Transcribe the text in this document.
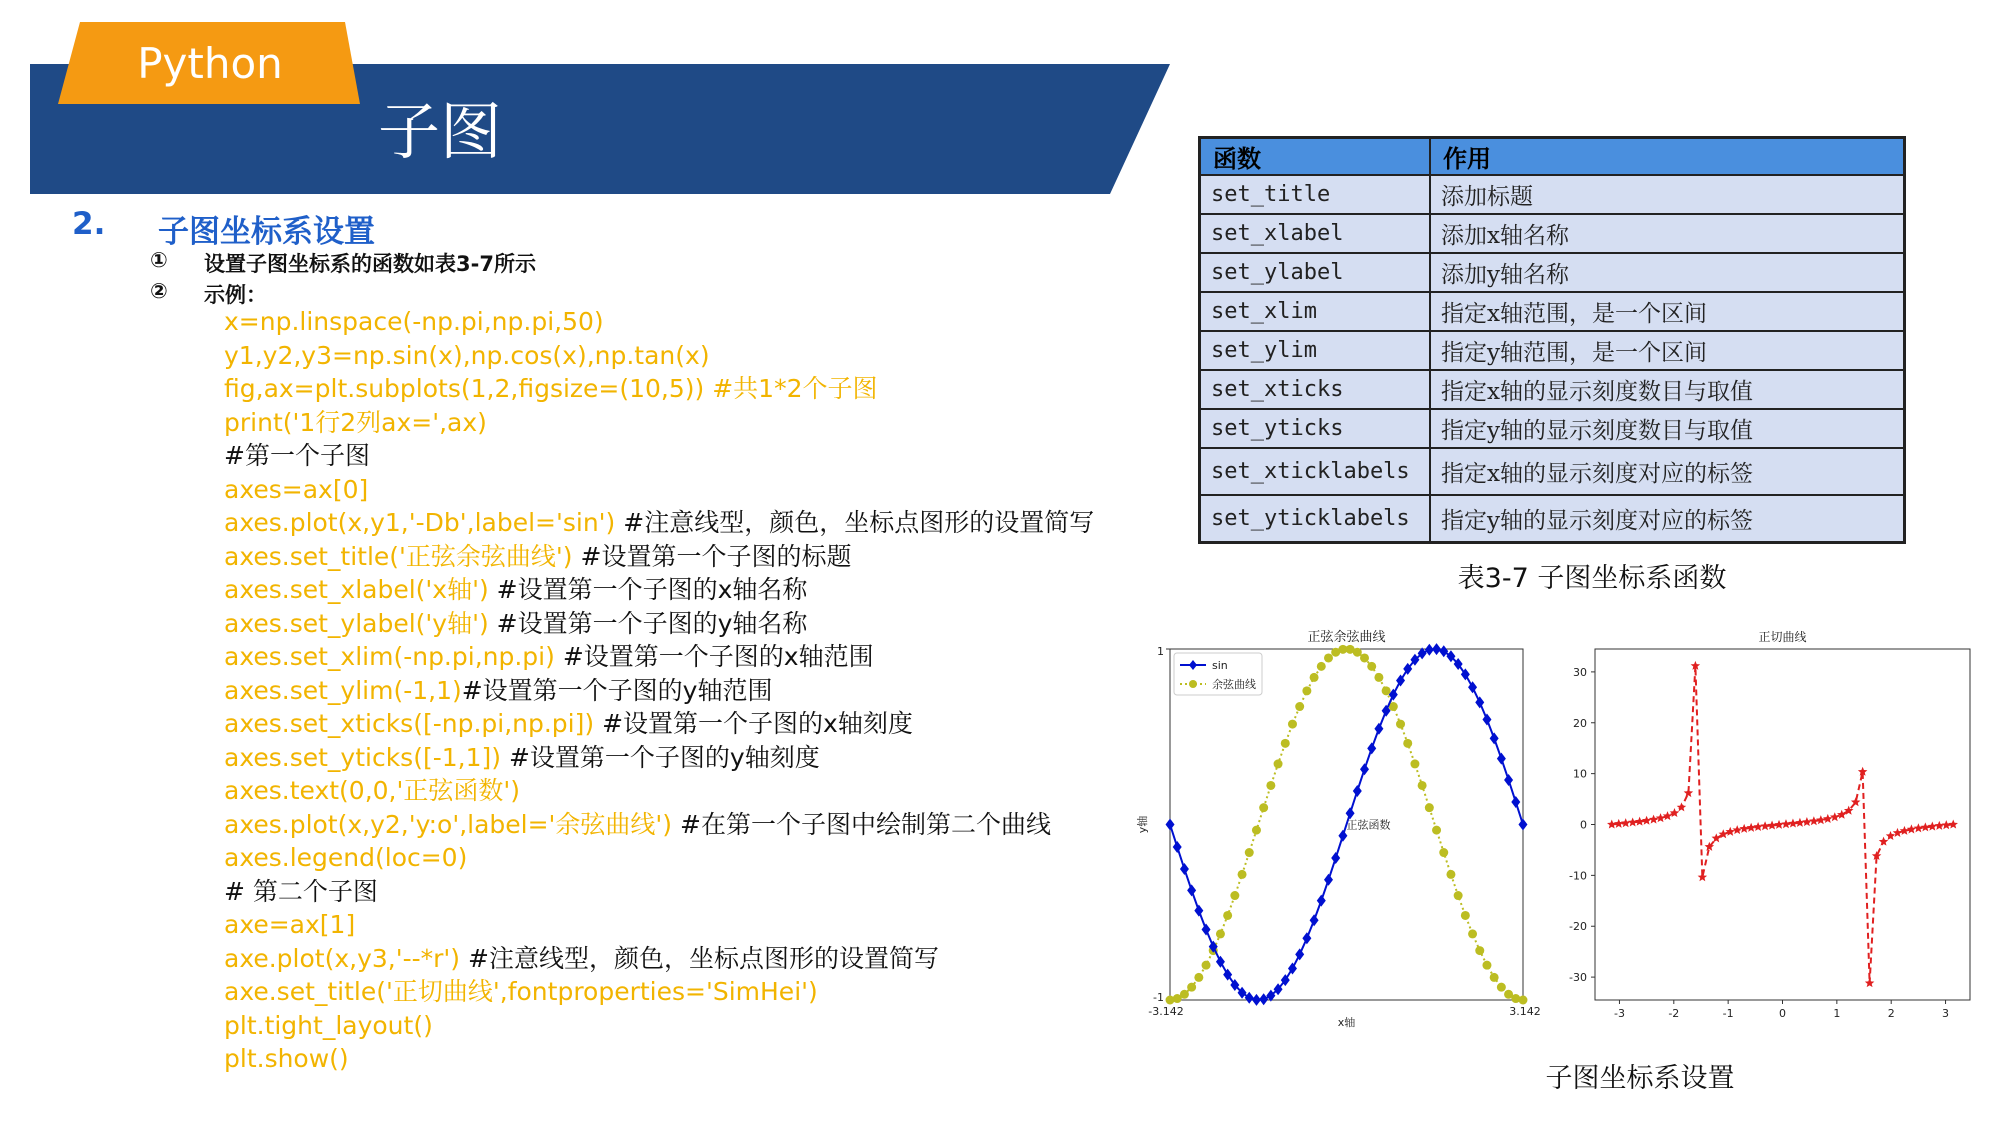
Python
子图
2. 子图坐标系设置
① 设置子图坐标系的函数如表3-7所示
② 示例：
x=np.linspace(-np.pi,np.pi,50)
y1,y2,y3=np.sin(x),np.cos(x),np.tan(x)
fig,ax=plt.subplots(1,2,figsize=(10,5)) #共1*2个子图
print('1行2列ax=',ax)
#第一个子图
axes=ax[0]
axes.plot(x,y1,'-Db',label='sin') #注意线型，颜色，坐标点图形的设置简写
axes.set_title('正弦余弦曲线') #设置第一个子图的标题
axes.set_xlabel('x轴') #设置第一个子图的x轴名称
axes.set_ylabel('y轴') #设置第一个子图的y轴名称
axes.set_xlim(-np.pi,np.pi) #设置第一个子图的x轴范围
axes.set_ylim(-1,1)#设置第一个子图的y轴范围
axes.set_xticks([-np.pi,np.pi]) #设置第一个子图的x轴刻度
axes.set_yticks([-1,1]) #设置第一个子图的y轴刻度
axes.text(0,0,'正弦函数')
axes.plot(x,y2,'y:o',label='余弦曲线') #在第一个子图中绘制第二个曲线
axes.legend(loc=0)
# 第二个子图
axe=ax[1]
axe.plot(x,y3,'--*r') #注意线型，颜色，坐标点图形的设置简写
axe.set_title('正切曲线',fontproperties='SimHei')
plt.tight_layout()
plt.show()
函数	作用
set_title	添加标题
set_xlabel	添加x轴名称
set_ylabel	添加y轴名称
set_xlim	指定x轴范围，是一个区间
set_ylim	指定y轴范围，是一个区间
set_xticks	指定x轴的显示刻度数目与取值
set_yticks	指定y轴的显示刻度数目与取值
set_xticklabels	指定x轴的显示刻度对应的标签
set_yticklabels	指定y轴的显示刻度对应的标签
表3-7 子图坐标系函数
正弦余弦曲线
x轴
y轴
-3.142	3.142
-1
1
正弦函数
sin
余弦曲线
正切曲线
30
20
10
0
-10
-20
-30
-3	-2	-1	0	1	2	3
子图坐标系设置
